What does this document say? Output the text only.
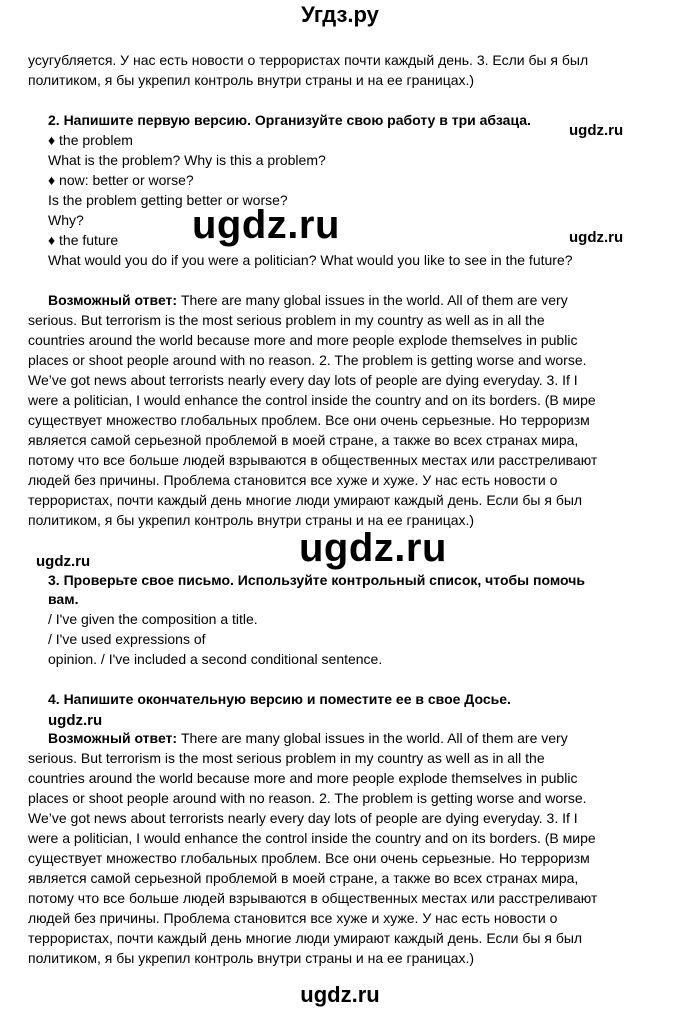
Угдз.ру
усугубляется. У нас есть новости о террористах почти каждый день. 3. Если бы я был
политиком, я бы укрепил контроль внутри страны и на ее границах.)
2. Напишите первую версию. Организуйте свою работу в три абзаца.
♦ the problem
What is the problem? Why is this a problem?
♦ now: better or worse?
Is the problem getting better or worse?
Why?
♦ the future
What would you do if you were a politician? What would you like to see in the future?
Возможный ответ: There are many global issues in the world. All of them are very
serious. But terrorism is the most serious problem in my country as well as in all the
countries around the world because more and more people explode themselves in public
places or shoot people around with no reason. 2. The problem is getting worse and worse.
We’ve got news about terrorists nearly every day lots of people are dying everyday. 3. If I
were a politician, I would enhance the control inside the country and on its borders. (В мире
существует множество глобальных проблем. Все они очень серьезные. Но терроризм
является самой серьезной проблемой в моей стране, а также во всех странах мира,
потому что все больше людей взрываются в общественных местах или расстреливают
людей без причины. Проблема становится все хуже и хуже. У нас есть новости о
террористах, почти каждый день многие люди умирают каждый день. Если бы я был
политиком, я бы укрепил контроль внутри страны и на ее границах.)
3. Проверьте свое письмо. Используйте контрольный список, чтобы помочь
вам.
/ I've given the composition a title.
/ I've used expressions of
opinion. / I've included a second conditional sentence.
4. Напишите окончательную версию и поместите ее в свое Досье.
Возможный ответ: There are many global issues in the world. All of them are very
serious. But terrorism is the most serious problem in my country as well as in all the
countries around the world because more and more people explode themselves in public
places or shoot people around with no reason. 2. The problem is getting worse and worse.
We’ve got news about terrorists nearly every day lots of people are dying everyday. 3. If I
were a politician, I would enhance the control inside the country and on its borders. (В мире
существует множество глобальных проблем. Все они очень серьезные. Но терроризм
является самой серьезной проблемой в моей стране, а также во всех странах мира,
потому что все больше людей взрываются в общественных местах или расстреливают
людей без причины. Проблема становится все хуже и хуже. У нас есть новости о
террористах, почти каждый день многие люди умирают каждый день. Если бы я был
политиком, я бы укрепил контроль внутри страны и на ее границах.)
ugdz.ru
ugdz.ru	ugdz.ru
ugdz.ru
ugdz.ru
ugdz.ru
ugdz.ru
